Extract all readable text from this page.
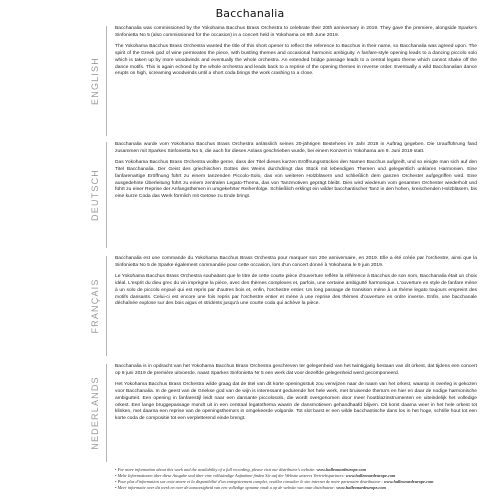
Bacchanalia
ENGLISH

Bacchanalia was commissioned by the Yokohama Bacchus Brass Orchestra to celebrate their 20th anniversary in 2019. They gave the premiere, alongside Sparke's Sinfonietta No 5 (also commissioned for the occasion) in a concert held in Yokohama on 9th June 2019.

The Yokohama Bacchus Brass Orchestra wanted the title of this short opener to reflect the reference to Bacchus in their name, so Bacchanalia was agreed upon. The spirit of the Greek god of wine permeates the piece, with bustling themes and occasional harmonic ambiguity. A fanfare-style opening leads to a dancing piccolo solo which is taken up by more woodwinds and eventually the whole orchestra. An extended bridge passage leads to a central legato theme which cannot shake off the dance motifs. This is again echoed by the whole orchestra and leads back to a reprise of the opening themes in reverse order. Eventually a wild Bacchanalian dance erupts on high, screaming woodwinds until a short coda brings the work crashing to a close.

DEUTSCH

Bacchanalia wurde vom Yokohama Bacchus Brass Orchestra anlässlich seines 20-jährigen Bestehens im Jahr 2019 in Auftrag gegeben. Die Uraufführung fand zusammen mit Sparkes Sinfonietta No 5, die auch für diesen Anlass geschrieben wurde, bei einem Konzert in Yokohama am 9. Juni 2019 statt.

Das Yokohama Bacchus Brass Orchestra wollte gerne, dass der Titel dieses kurzen Eröffnungsstückes den Namen Bacchus aufgreift, und so einigte man sich auf den Titel Bacchanalia. Der Geist des griechischen Gottes des Weins durchdringt das Stück mit lebendigen Themen und gelegentlich unklaren Harmonien. Eine fanfarenartige Eröffnung führt zu einem tanzenden Piccolo-Solo, das von weiteren Holzbläsern und schließlich dem ganzen Orchester aufgegriffen wird. Eine ausgedehnte Überleitung führt zu einem zentralen Legato-Thema, das von Tanzmotiven geprägt bleibt. Dies wird wiederum vom gesamten Orchester wiederholt und führt zu einer Reprise der Anfangsthemen in umgekehrter Reihenfolge. Schließlich erklingt ein wilder bacchantischer Tanz in den hohen, kreischenden Holzbläsern, bis eine kurze Coda das Werk förmlich mit Getöse zu Ende bringt.

FRANÇAIS

Bacchanalia est une commande du Yokohama Bacchus Brass Orchestra pour marquer son 20e anniversaire, en 2019. Elle a été créée par l'orchestre, ainsi que la Sinfonietta No 5 de Sparke également commandée pour cette occasion, lors d'un concert donné à Yokohama le 9 juin 2019.

Le Yokohama Bacchus Brass Orchestra souhaitant que le titre de cette courte pièce d'ouverture reflète la référence à Bacchus de son nom, Bacchanalia était un choix idéal. L'esprit du dieu grec du vin imprègne la pièce, avec des thèmes complexes et, parfois, une certaine ambiguïté harmonique. L'ouverture en style de fanfare mène à un solo de piccolo enjoué qui est repris par d'autres bois et, enfin, l'orchestre entier. Un long passage de transition mène à un thème legato toujours empreint des motifs dansants. Celui-ci est encore une fois repris par l'orchestre entier et mène à une reprise des thèmes d'ouverture en ordre inverse. Enfin, une bacchanale déchaînée explose sur des bois aigus et stridents jusqu'à une courte coda qui achève la pièce.

NEDERLANDS

Bacchanalia is in opdracht van het Yokohama Bacchus Brass Orchestra geschreven ter gelegenheid van het twintigjarig bestaan van dit orkest, dat tijdens een concert op 9 juni 2019 de première uitvoerde, naast Sparkes Sinfonietta Nr 5 een werk dat voor dezelfde gelegenheid werd gecomponeerd.

Het Yokohama Bacchus Brass Orchestra wilde graag dat de titel van dit korte openingsstuk zou verwijzen naar de naam van het orkest, waarop in overleg is gekozen voor Bacchanalia. In de geest van de Griekse god van de wijn is interessant gedurende het hele werk, met bruisende thema's en hier en daar de nodige harmonische ambiguïteit. Een opening in fanfarestijl leidt naar een dansante piccolosolo, die wordt overgenomen door meer houtblazinstrumenten en uiteindelijk het volledige orkest. Een lange bruggepassage mondt uit in een centraal legatothema waarin de dansmotieven gehandhaafd blijven. Dit komt daarna weer in het hele orkest tot klinken, met daarna een reprise van de openingsthema's in omgekeerde volgorde. Tot slot barst er een wilde bacchantische dans los in het hoge, schrille hout tot een korte coda de compositie tot een verpletterend einde brengt.

• For more information about this work and the availability of a full recording, please visit our distributor's website: www.halleonardeurope.com
• Mehr Informationen über diese Ausgabe und über eine vollständige Aufnahme finden Sie auf der Website unseres Vertriebspartners: www.halleonardeurope.com
• Pour plus d'information sur cette œuvre et la disponibilité d'un enregistrement complet, veuillez consulter le site internet de notre partenaire distributeur : www.halleonardeurope.com
• Meer informatie over dit werk en over de aanwezigheid van een volledige opname vindt u op de website van onze distributeur: www.halleonardeurope.com
